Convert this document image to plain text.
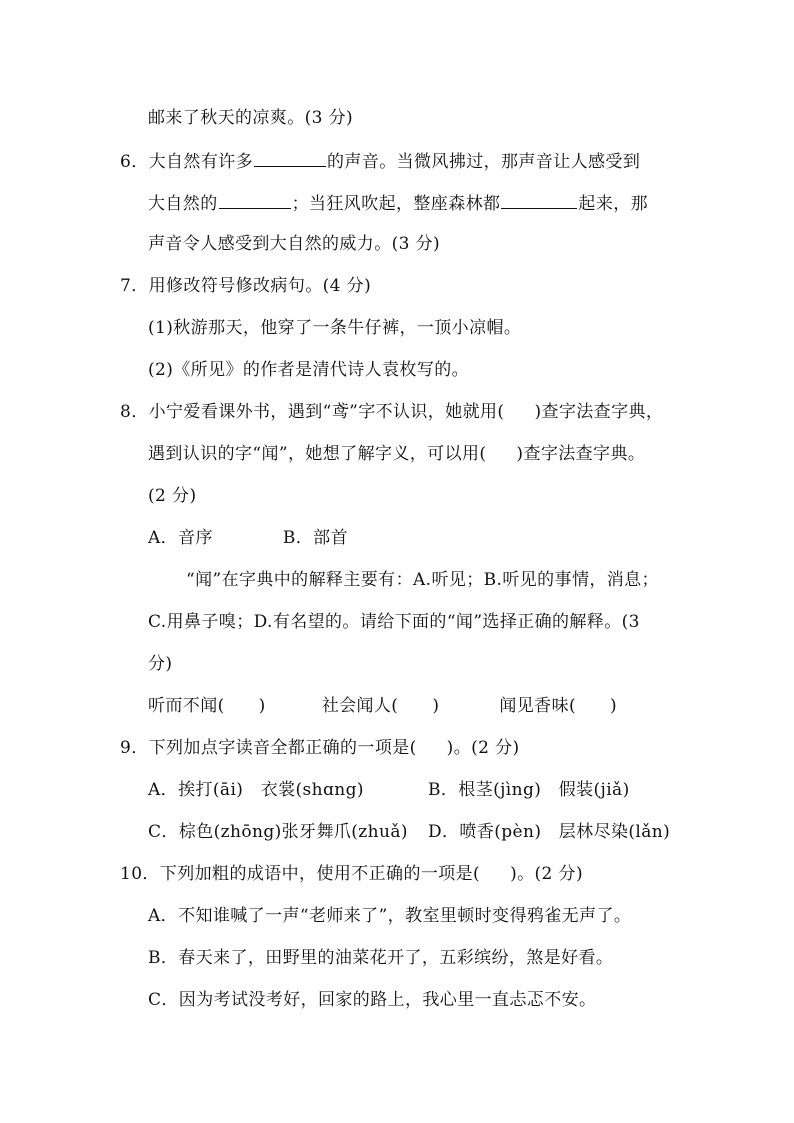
邮来了秋天的凉爽。(3 分)
6．大自然有许多	的声音。当微风拂过，那声音让人感受到
大自然的	；当狂风吹起，整座森林都	起来，那
声音令人感受到大自然的威力。(3 分)
7．用修改符号修改病句。(4 分)
(1)秋游那天，他穿了一条牛仔裤，一顶小凉帽。
(2)《所见》的作者是清代诗人袁枚写的。
8．小宁爱看课外书，遇到“鸢”字不认识，她就用( )查字法查字典，
遇到认识的字“闻”，她想了解字义，可以用( )查字法查字典。
(2 分)
A．音序	B．部首
“闻”在字典中的解释主要有：A.听见；B.听见的事情，消息；
C.用鼻子嗅；D.有名望的。请给下面的“闻”选择正确的解释。(3
分)
听而不闻( )	社会闻人( )	闻见香味( )
9．下列加点字读音全都正确的一项是( )。(2 分)
A．挨打(āi)　衣裳(shɑng)	B．根茎(jìng)　假装(jiǎ)
C．棕色(zhōng)张牙舞爪(zhuǎ) D．喷香(pèn)　层林尽染(lǎn)
10．下列加粗的成语中，使用不正确的一项是( )。(2 分)
A．不知谁喊了一声“老师来了”，教室里顿时变得鸦雀无声了。
B．春天来了，田野里的油菜花开了，五彩缤纷，煞是好看。
C．因为考试没考好，回家的路上，我心里一直忐忑不安。
